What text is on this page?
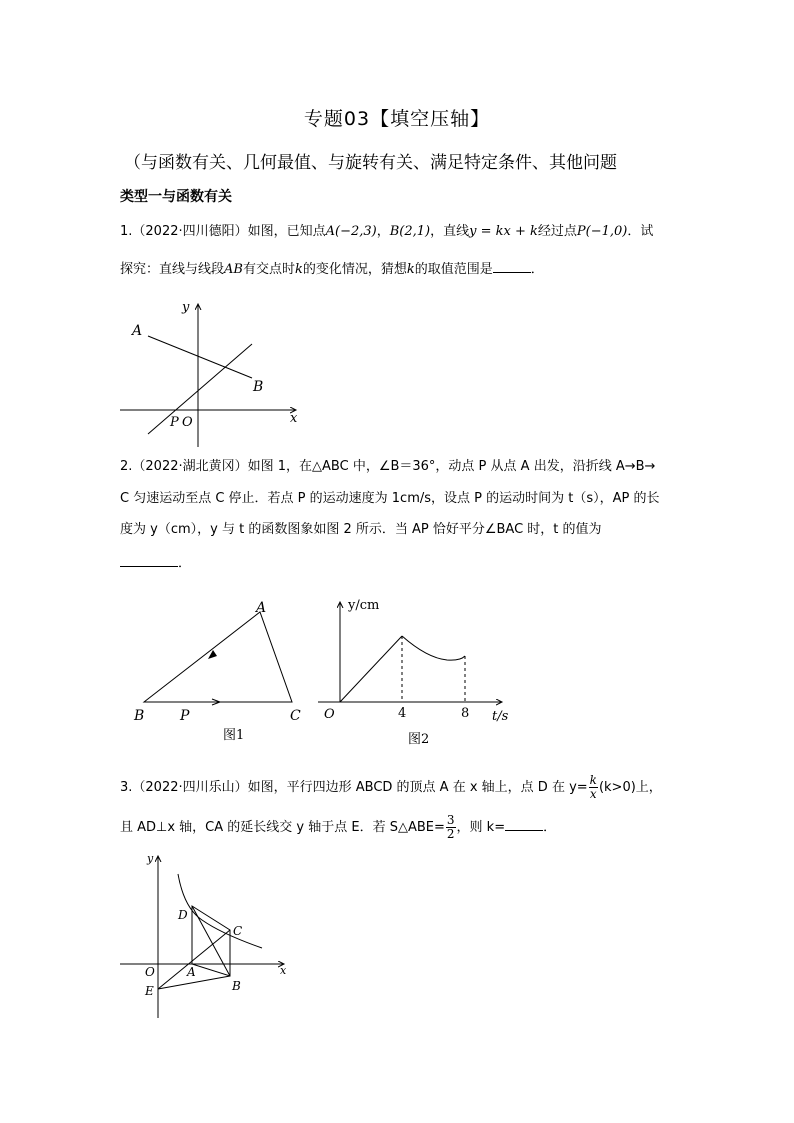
专题03【填空压轴】
（与函数有关、几何最值、与旋转有关、满足特定条件、其他问题
类型一与函数有关
1.（2022·四川德阳）如图，已知点A(−2,3)，B(2,1)，直线y = kx + k经过点P(−1,0)．试
探究：直线与线段AB有交点时k的变化情况，猜想k的取值范围是	．
A
B
P O	x
y
2.（2022·湖北黄冈）如图 1，在△ABC 中，∠B＝36°，动点 P 从点 A 出发，沿折线 A→B→
C 匀速运动至点 C 停止．若点 P 的运动速度为 1cm/s，设点 P 的运动时间为 t（s），AP 的长
度为 y（cm），y 与 t 的函数图象如图 2 所示．当 AP 恰好平分∠BAC 时，t 的值为
．
A
B	P	C
图1
y/cm
t/s
O	4	8
图2
3.（2022·四川乐山）如图，平行四边形 ABCD 的顶点 A 在 x 轴上，点 D 在 $y= \frac{k}{x} (k>0)$上，
且 AD⊥x 轴，CA 的延长线交 y 轴于点 E．若 S△ABE= $\frac{3}{2}$ ，则 k=	．
D
C
O	A
E	B
x
y
